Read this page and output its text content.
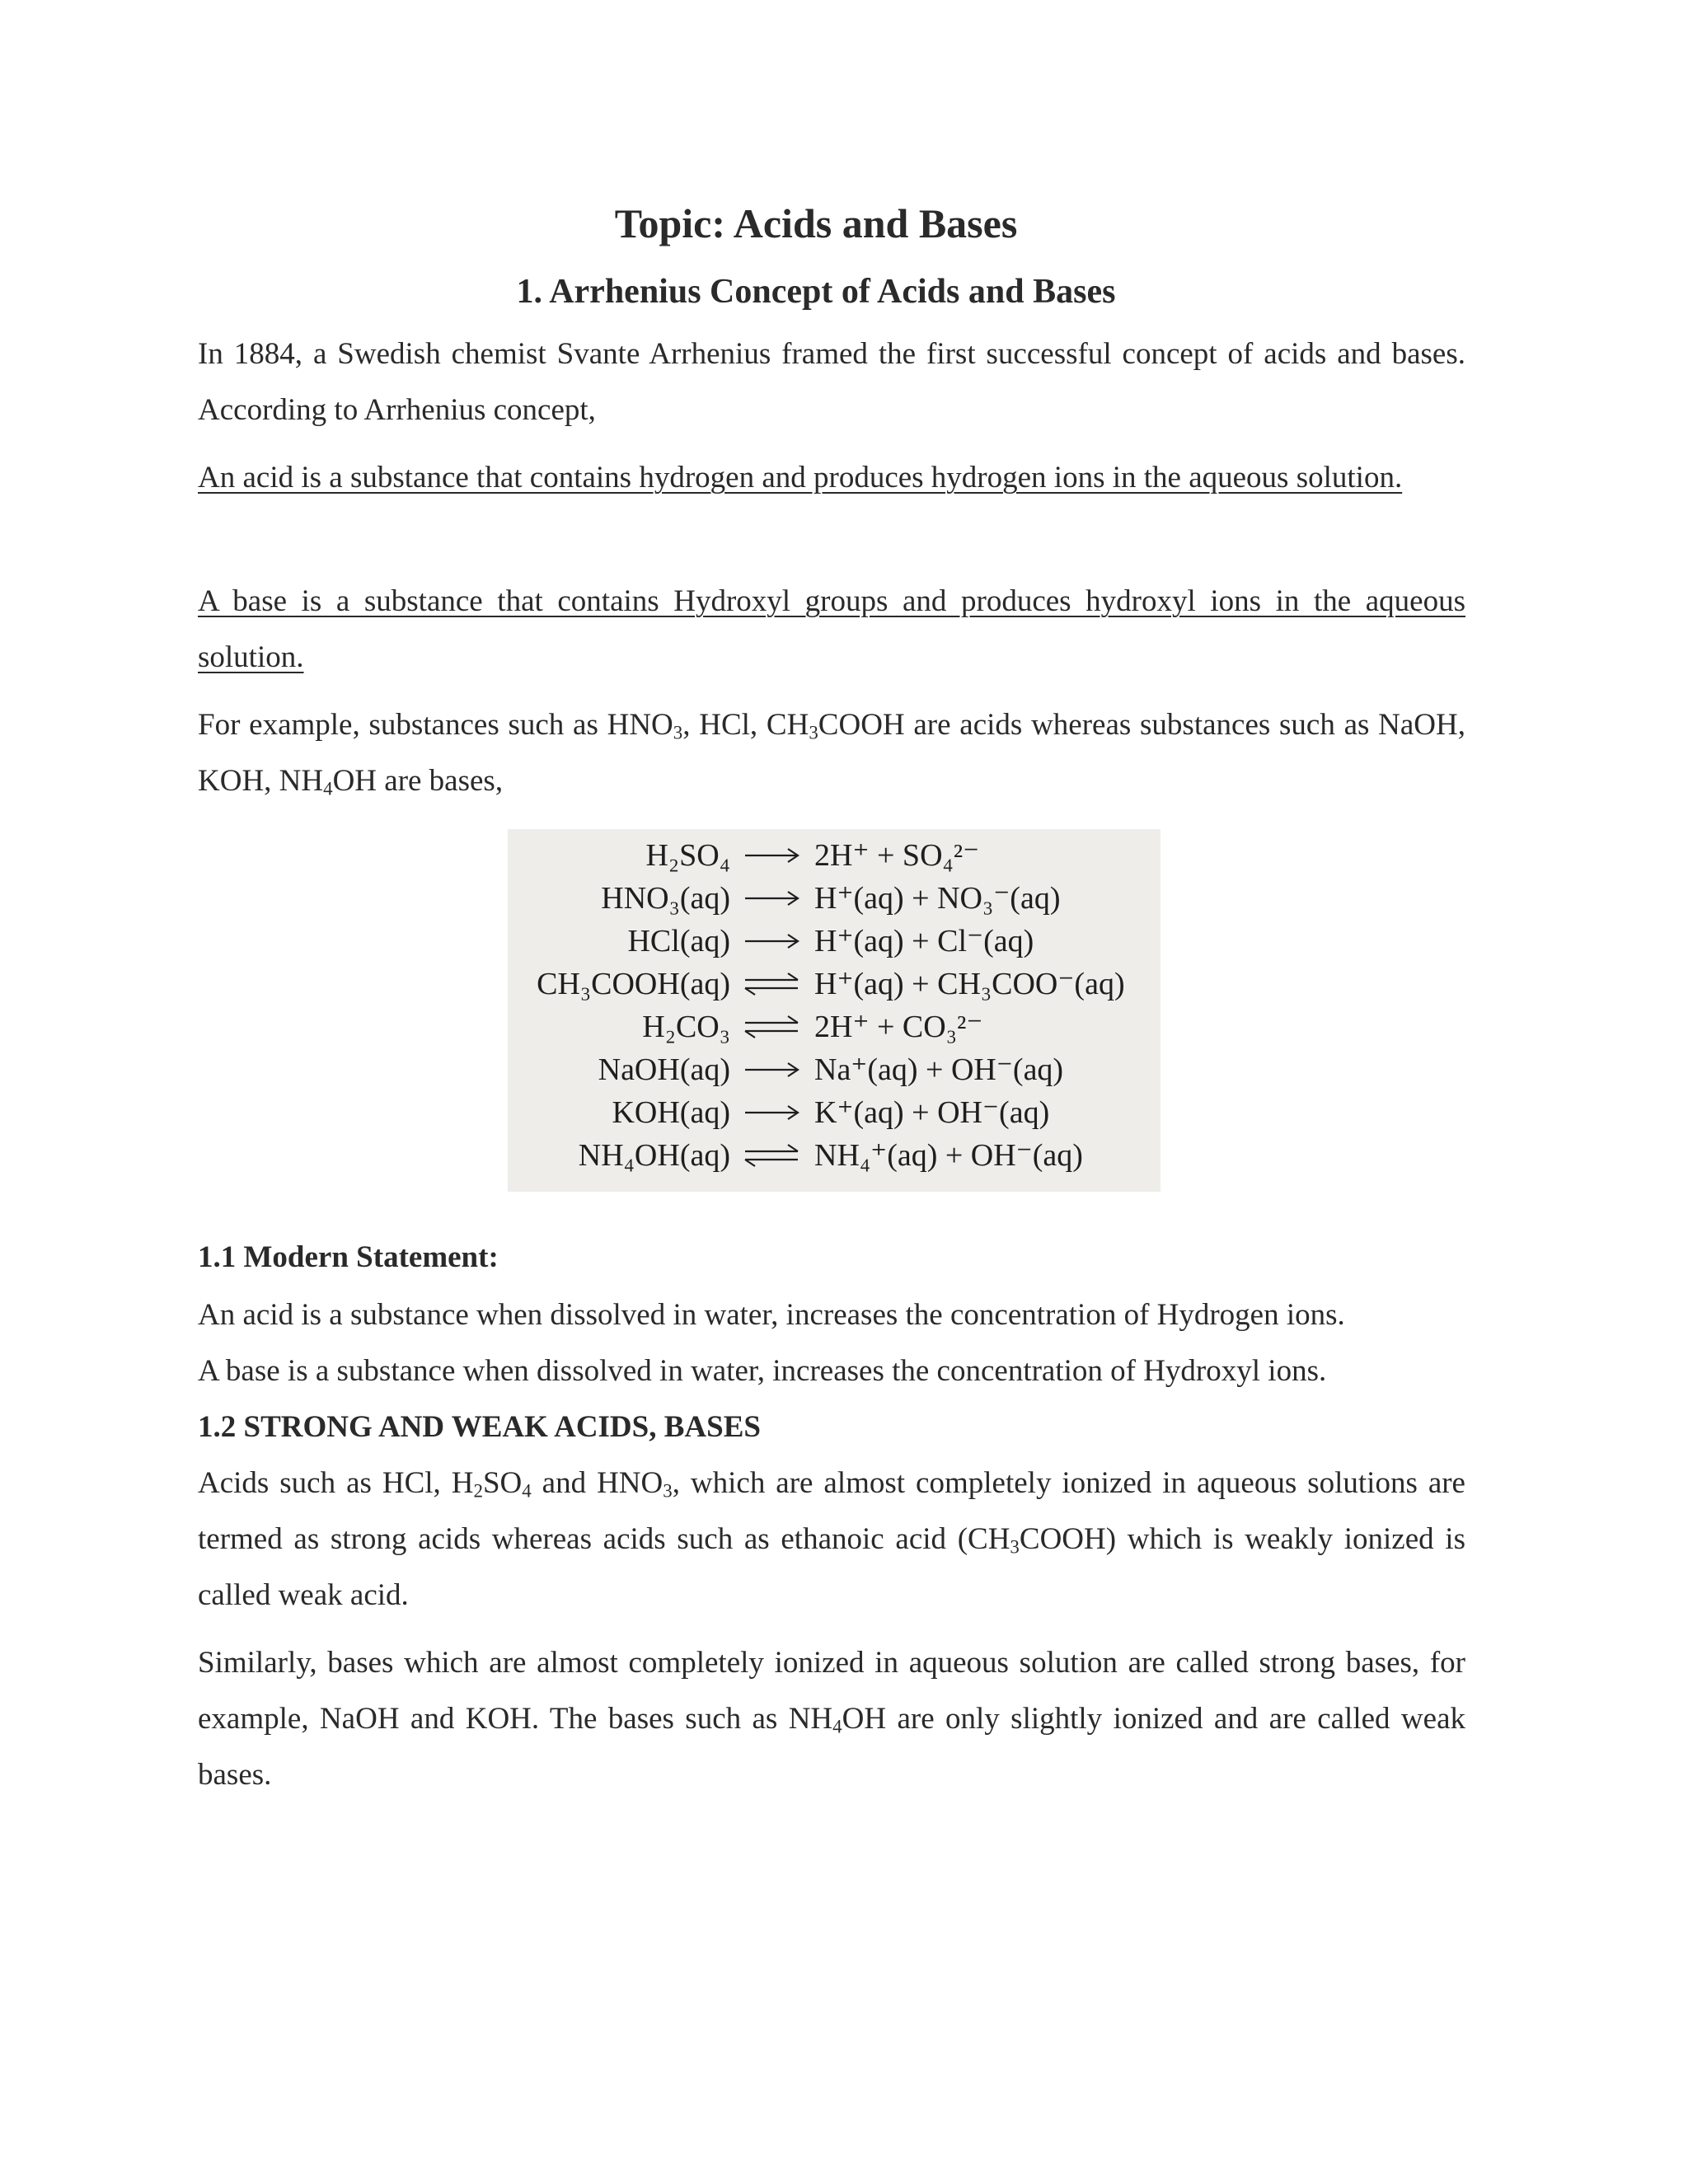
Topic: Acids and Bases
1. Arrhenius Concept of Acids and Bases

In 1884, a Swedish chemist Svante Arrhenius framed the first successful concept of acids and bases. According to Arrhenius concept,

An acid is a substance that contains hydrogen and produces hydrogen ions in the aqueous solution.

A base is a substance that contains Hydroxyl groups and produces hydroxyl ions in the aqueous solution.

For example, substances such as $HNO_3$, HCl, $CH_3COOH$ are acids whereas substances such as NaOH, KOH, $NH_4OH$ are bases,

H₂SO₄	2H⁺ + SO₄²⁻
HNO₃(aq)	H⁺(aq) + NO₃⁻(aq)
HCl(aq)	H⁺(aq) + Cl⁻(aq)
CH₃COOH(aq)	H⁺(aq) + CH₃COO⁻(aq)
H₂CO₃	2H⁺ + CO₃²⁻
NaOH(aq)	Na⁺(aq) + OH⁻(aq)
KOH(aq)	K⁺(aq) + OH⁻(aq)
NH₄OH(aq)	NH₄⁺(aq) + OH⁻(aq)
1.1 Modern Statement:
An acid is a substance when dissolved in water, increases the concentration of Hydrogen ions.
A base is a substance when dissolved in water, increases the concentration of Hydroxyl ions.
1.2 STRONG AND WEAK ACIDS, BASES

Acids such as HCl, $H_2SO_4$ and $HNO_3$, which are almost completely ionized in aqueous solutions are termed as strong acids whereas acids such as ethanoic acid $(CH_3COOH)$ which is weakly ionized is called weak acid.

Similarly, bases which are almost completely ionized in aqueous solution are called strong bases, for example, NaOH and KOH. The bases such as $NH_4OH$ are only slightly ionized and are called weak bases.
